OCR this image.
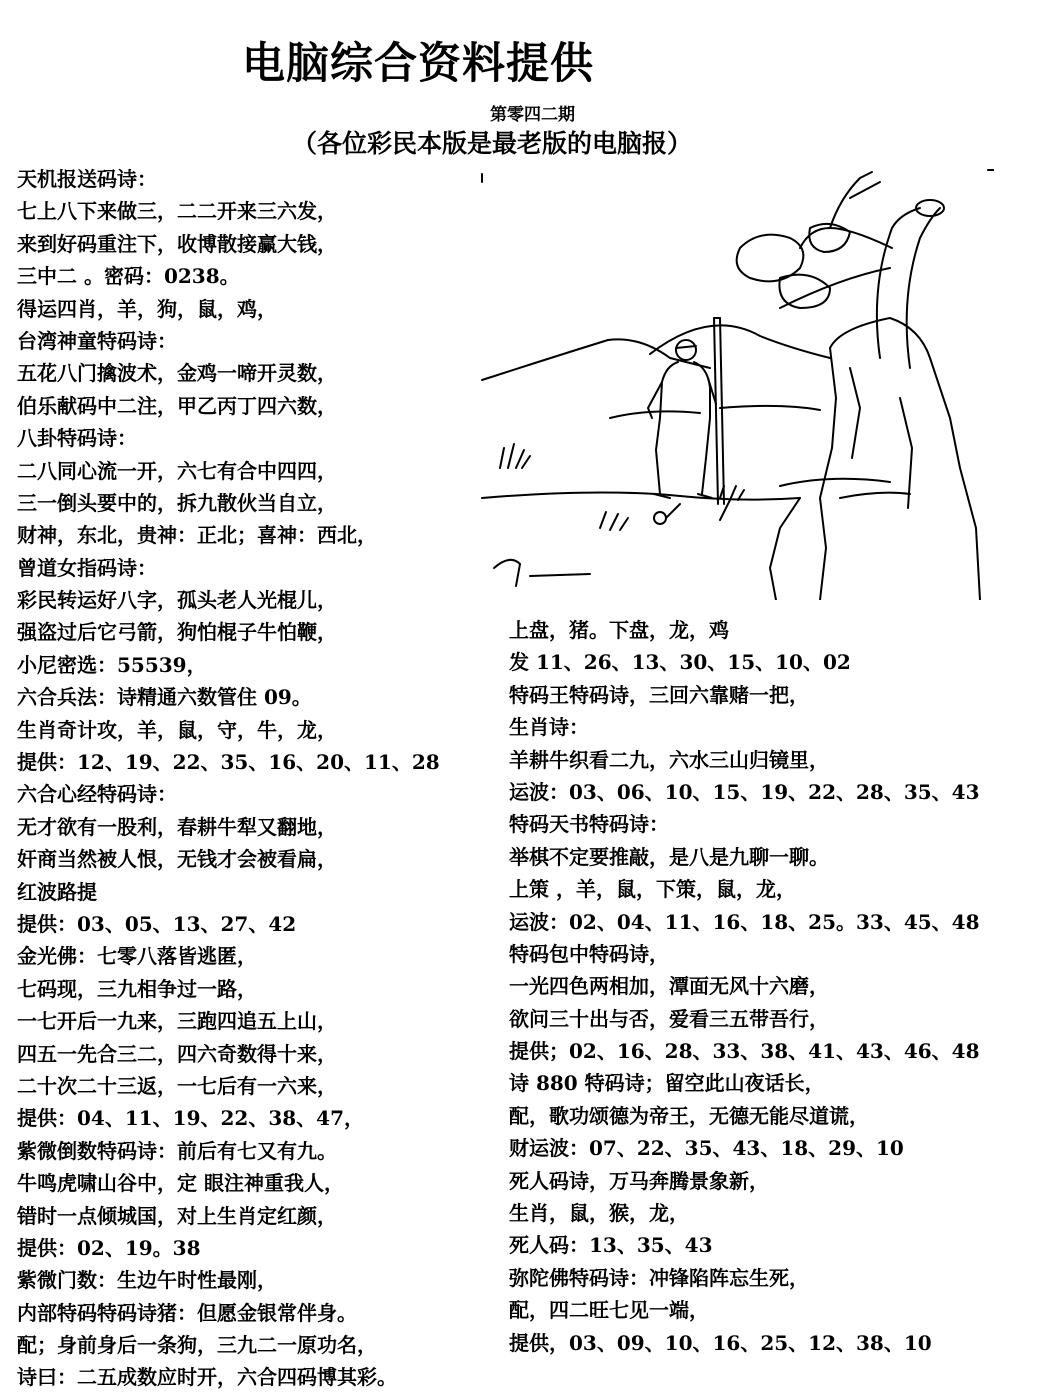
电脑综合资料提供
第零四二期
（各位彩民本版是最老版的电脑报）
天机报送码诗：
七上八下来做三，二二开来三六发，
来到好码重注下，收博散接赢大钱，
三中二 。密码：0238。
得运四肖，羊，狗，鼠，鸡，
台湾神童特码诗：
五花八门擒波术，金鸡一啼开灵数，
伯乐献码中二注，甲乙丙丁四六数，
八卦特码诗：
二八同心流一开，六七有合中四四，
三一倒头要中的，拆九散伙当自立，
财神，东北，贵神：正北；喜神：西北，
曾道女指码诗：
彩民转运好八字，孤头老人光棍儿，
强盗过后它弓箭，狗怕棍子牛怕鞭，
小尼密选：55539，
六合兵法：诗精通六数管住 09。
生肖奇计攻，羊，鼠，守，牛，龙，
提供：12、19、22、35、16、20、11、28
六合心经特码诗：
无才欲有一股利，春耕牛犁又翻地，
奸商当然被人恨，无钱才会被看扁，
红波路提
提供：03、05、13、27、42
金光佛：七零八落皆逃匿，
七码现，三九相争过一路，
一七开后一九来，三跑四追五上山，
四五一先合三二，四六奇数得十来，
二十次二十三返，一七后有一六来，
提供：04、11、19、22、38、47，
紫微倒数特码诗：前后有七又有九。
牛鸣虎啸山谷中，定 眼注神重我人，
错时一点倾城国，对上生肖定红颜，
提供：02、19。38
紫微门数：生边午时性最刚，
内部特码特码诗猪：但愿金银常伴身。
配；身前身后一条狗，三九二一原功名，
诗曰：二五成数应时开，六合四码博其彩。
上盘，猪。下盘，龙，鸡
发 11、26、13、30、15、10、02
特码王特码诗，三回六靠赌一把，
生肖诗：
羊耕牛织看二九，六水三山归镜里，
运波：03、06、10、15、19、22、28、35、43
特码天书特码诗：
举棋不定要推敲，是八是九聊一聊。
上策 ，羊，鼠，下策，鼠，龙，
运波：02、04、11、16、18、25。33、45、48
特码包中特码诗，
一光四色两相加，潭面无风十六磨，
欲问三十出与否，爱看三五带吾行，
提供；02、16、28、33、38、41、43、46、48
诗 880 特码诗；留空此山夜话长，
配，歌功颂德为帝王，无德无能尽道谎，
财运波：07、22、35、43、18、29、10
死人码诗，万马奔腾景象新，
生肖，鼠，猴，龙，
死人码：13、35、43
弥陀佛特码诗：冲锋陷阵忘生死，
配，四二旺七见一端，
提供，03、09、10、16、25、12、38、10
